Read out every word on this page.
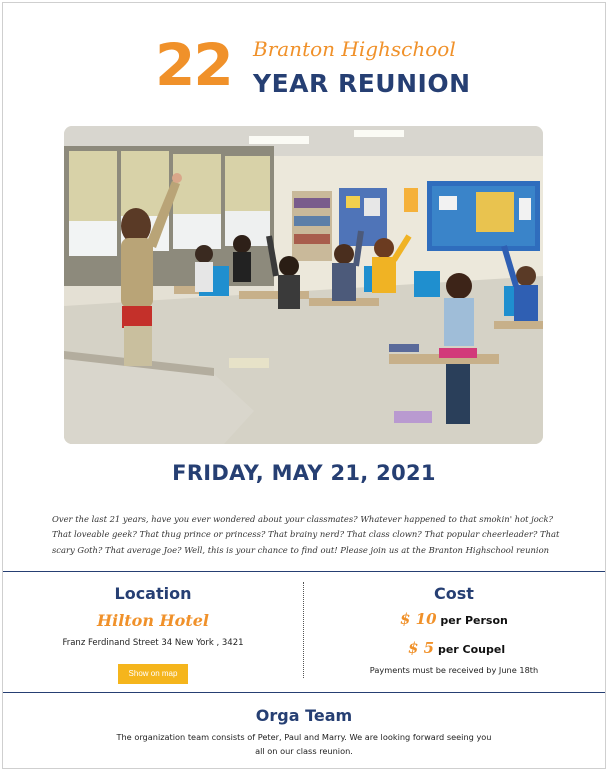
22 Branton Highschool
YEAR REUNION
FRIDAY, MAY 21, 2021
Over the last 21 years, have you ever wondered about your classmates? Whatever happened to that smokin' hot jock? That loveable geek? That thug prince or princess? That brainy nerd? That class clown? That popular cheerleader? That scary Goth? That average Joe? Well, this is your chance to find out! Please join us at the Branton Highschool reunion
Location
Hilton Hotel
Franz Ferdinand Street 34 New York , 3421
Show on map
Cost
$ 10 per Person
$ 5 per Coupel
Payments must be received by June 18th
Orga Team
The organization team consists of Peter, Paul and Marry. We are looking forward seeing you
all on our class reunion.
